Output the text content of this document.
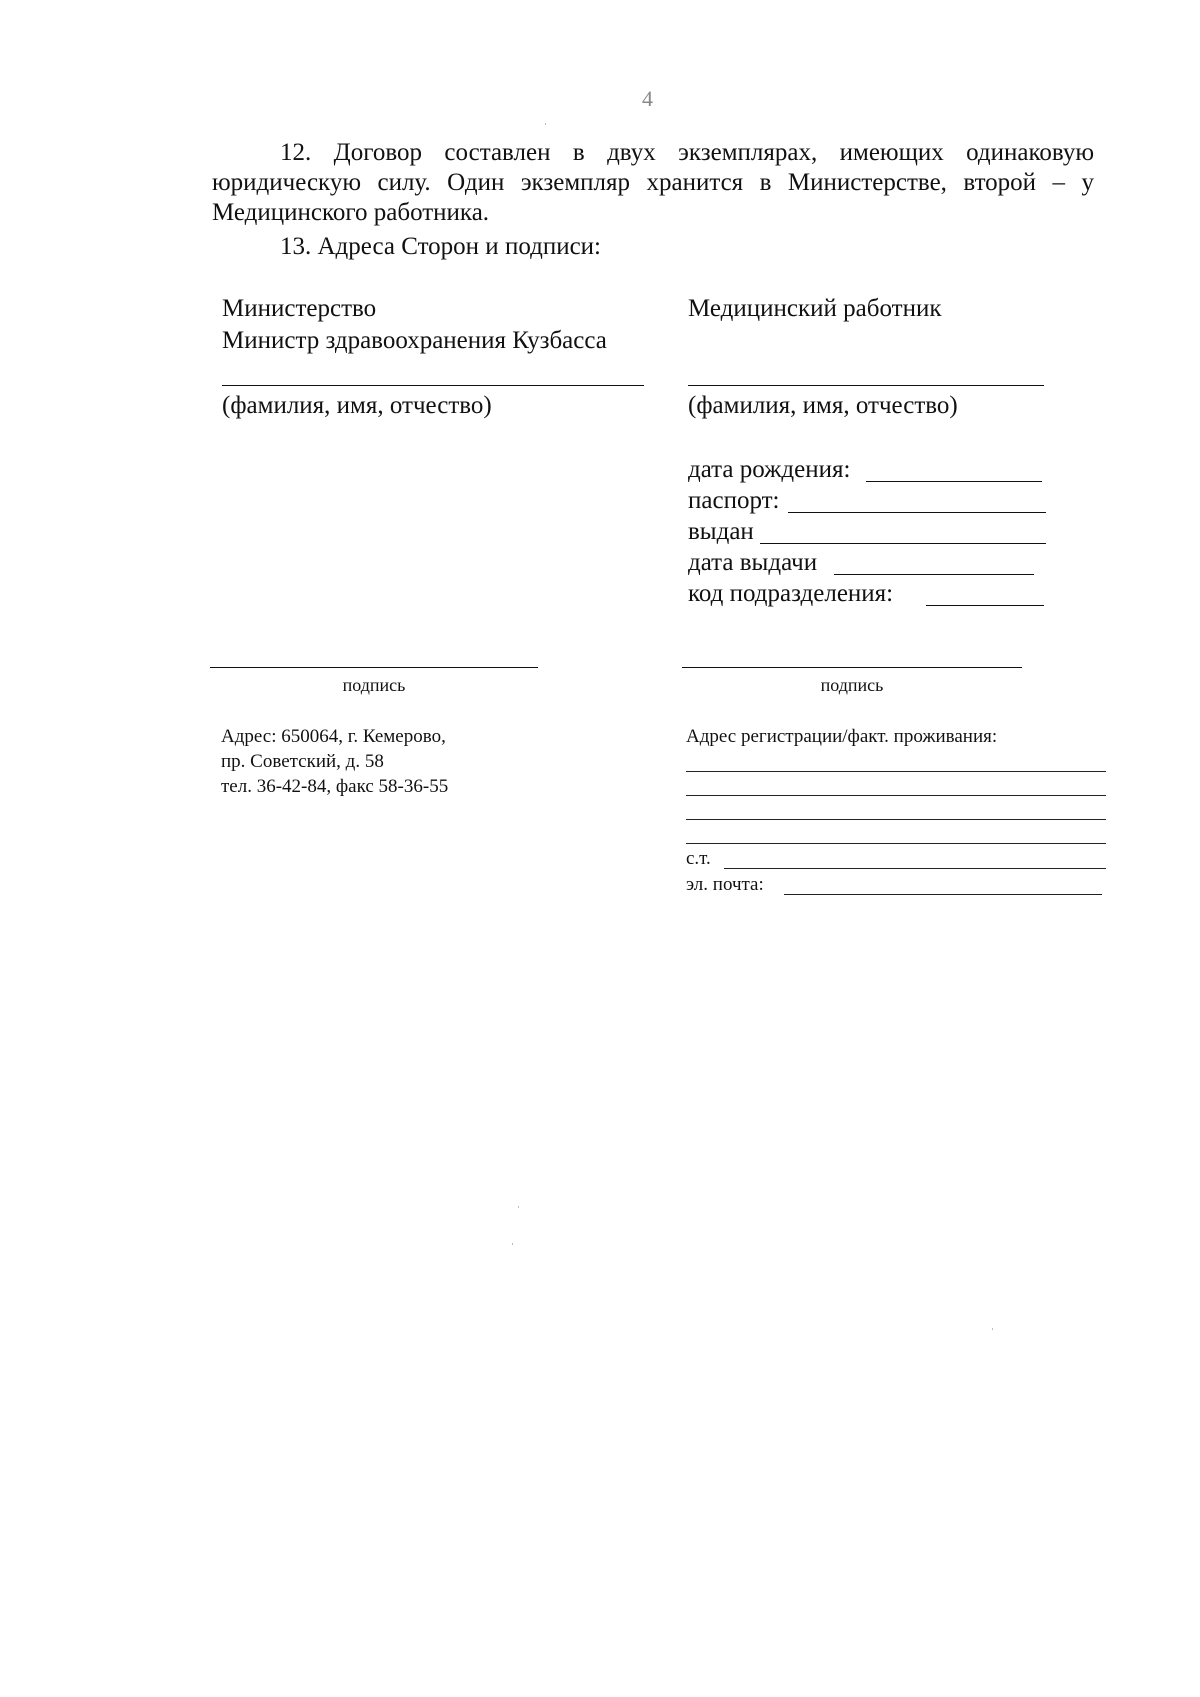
4
12. Договор составлен в двух экземплярах, имеющих одинаковую юридическую силу. Один экземпляр хранится в Министерстве, второй – у Медицинского работника.
13. Адреса Сторон и подписи:
Министерство
Министр здравоохранения Кузбасса
(фамилия, имя, отчество)
подпись
Адрес: 650064, г. Кемерово,
пр. Советский, д. 58
тел. 36-42-84, факс 58-36-55
Медицинский работник
(фамилия, имя, отчество)
дата рождения:
паспорт:
выдан
дата выдачи
код подразделения:
подпись
Адрес регистрации/факт. проживания:
с.т.
эл. почта:
